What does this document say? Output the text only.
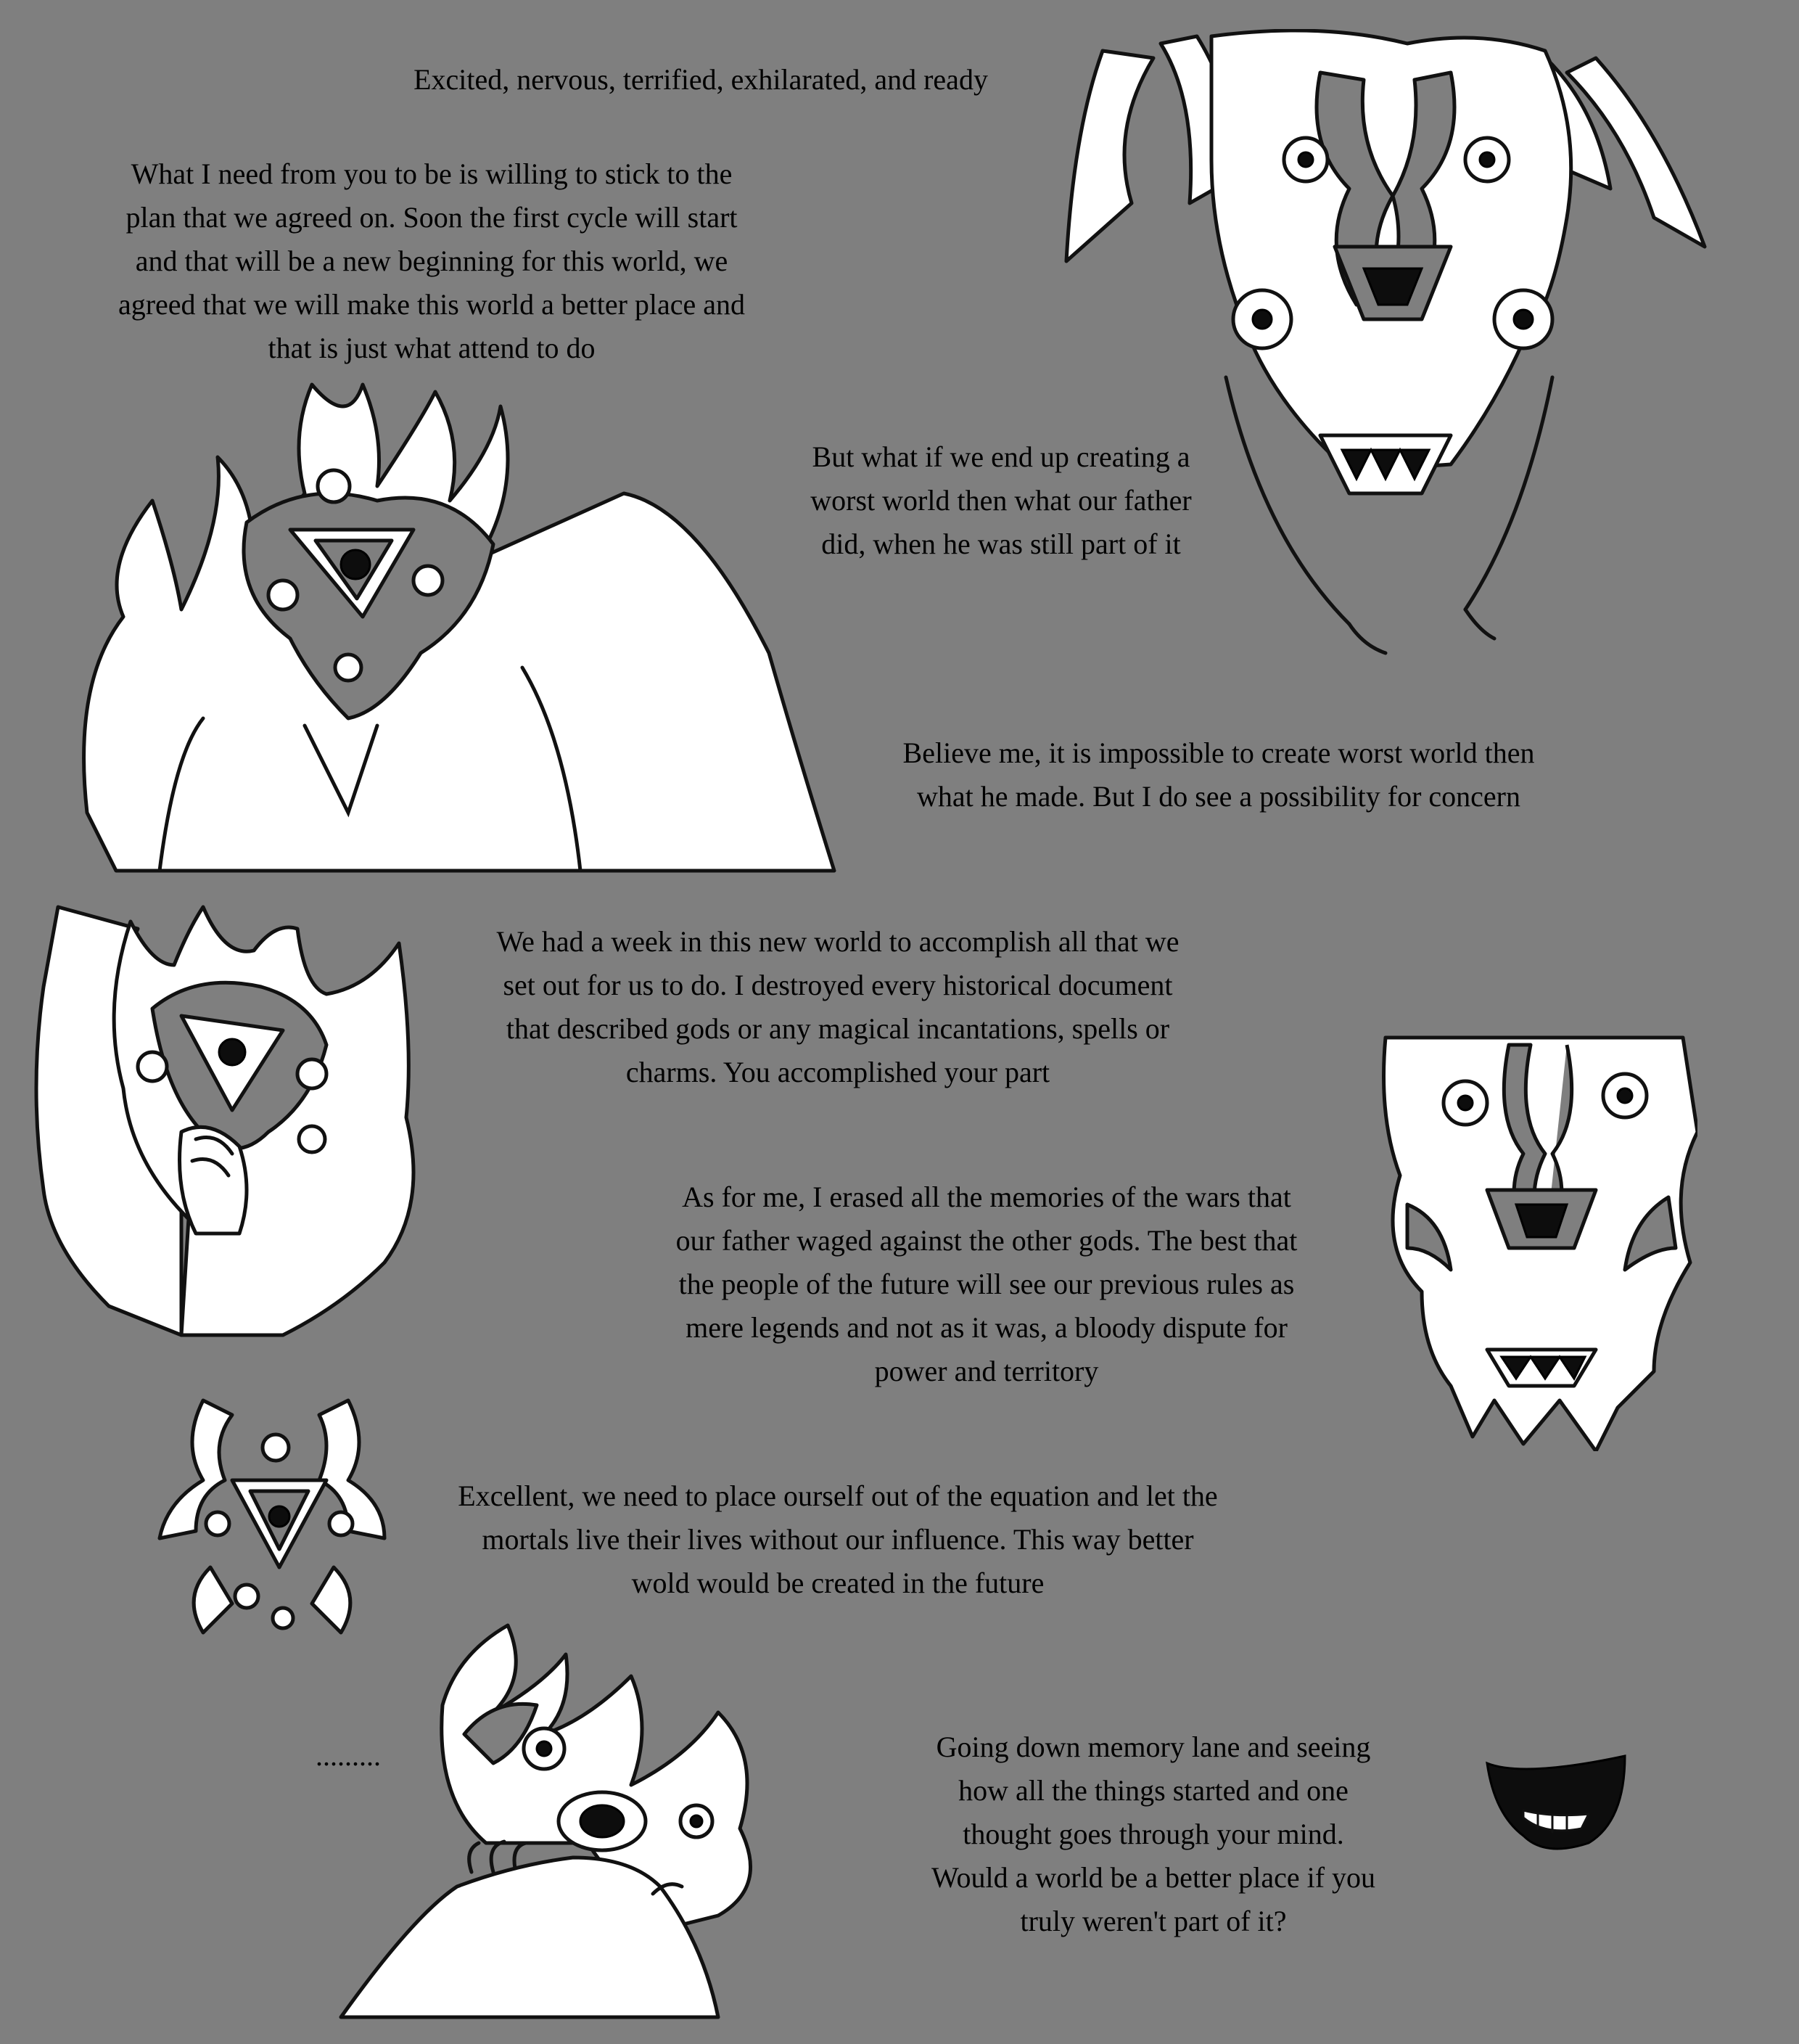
Excited, nervous, terrified, exhilarated, and ready
What I need from you to be is willing to stick to the
plan that we agreed on. Soon the first cycle will start
and that will be a new beginning for this world, we
agreed that we will make this world a better place and
that is just what attend to do
But what if we end up creating a
worst world then what our father
did, when he was still part of it
Believe me, it is impossible to create worst world then
what he made. But I do see a possibility for concern
We had a week in this new world to accomplish all that we
set out for us to do. I destroyed every historical document
that described gods or any magical incantations, spells or
charms. You accomplished your part
As for me, I erased all the memories of the wars that
our father waged against the other gods. The best that
the people of the future will see our previous rules as
mere legends and not as it was, a bloody dispute for
power and territory
Excellent, we need to place ourself out of the equation and let the
mortals live their lives without our influence. This way better
wold would be created in the future
.........	Going down memory lane and seeing
how all the things started and one
thought goes through your mind.
Would a world be a better place if you
truly weren't part of it?
